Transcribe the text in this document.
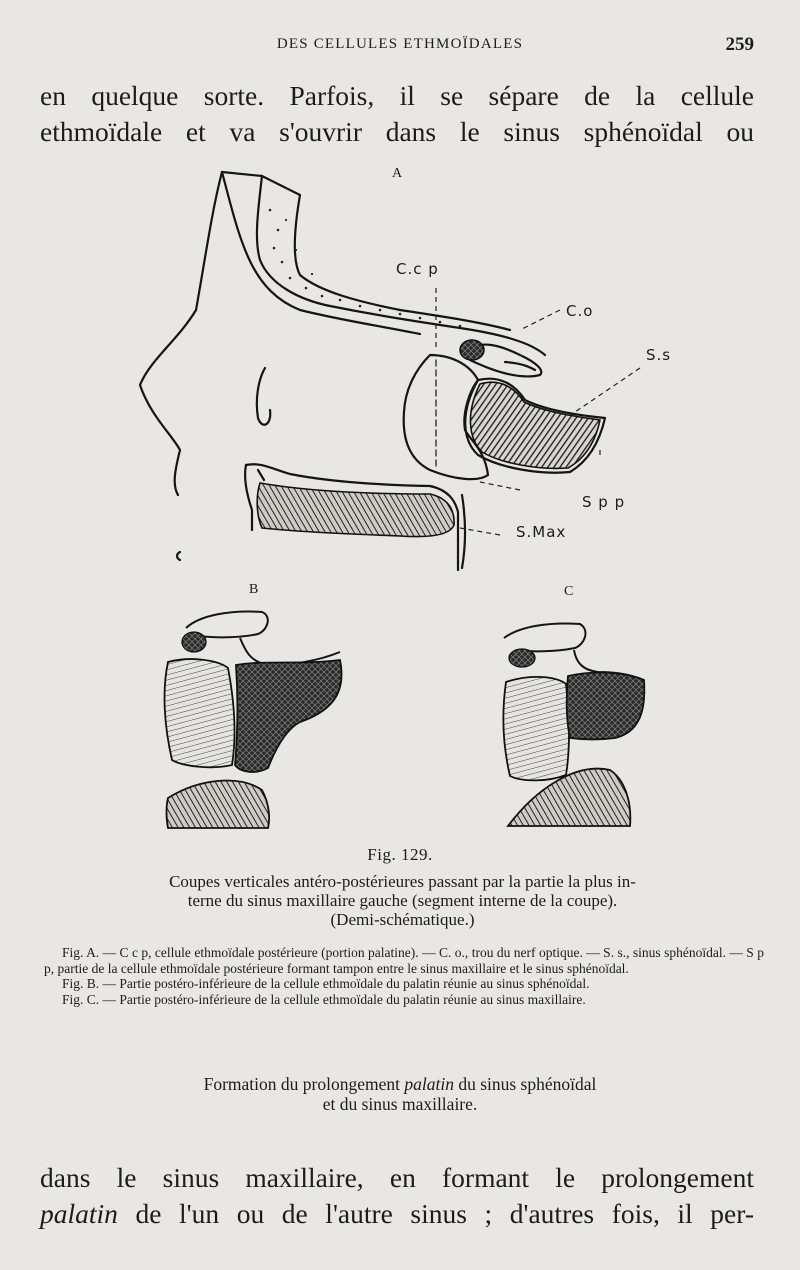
DES CELLULES ETHMOÏDALES	259
en quelque sorte. Parfois, il se sépare de la cellule
ethmoïdale et va s'ouvrir dans le sinus sphénoïdal ou
A
B	C
C.c p
C.o
S.s
S p p
S.Max
Fig. 129.
Coupes verticales antéro-postérieures passant par la partie la plus in-
terne du sinus maxillaire gauche (segment interne de la coupe).
(Demi-schématique.)

Fig. A. — C c p, cellule ethmoïdale postérieure (portion palatine). — C. o., trou du nerf optique. — S. s., sinus sphénoïdal. — S p p, partie de la cellule ethmoïdale postérieure formant tampon entre le sinus maxillaire et le sinus sphénoïdal.

Fig. B. — Partie postéro-inférieure de la cellule ethmoïdale du palatin réunie au sinus sphénoïdal.

Fig. C. — Partie postéro-inférieure de la cellule ethmoïdale du palatin réunie au sinus maxillaire.

Formation du prolongement palatin du sinus sphénoïdal
et du sinus maxillaire.
dans le sinus maxillaire, en formant le prolongement
palatin de l'un ou de l'autre sinus ; d'autres fois, il per-
